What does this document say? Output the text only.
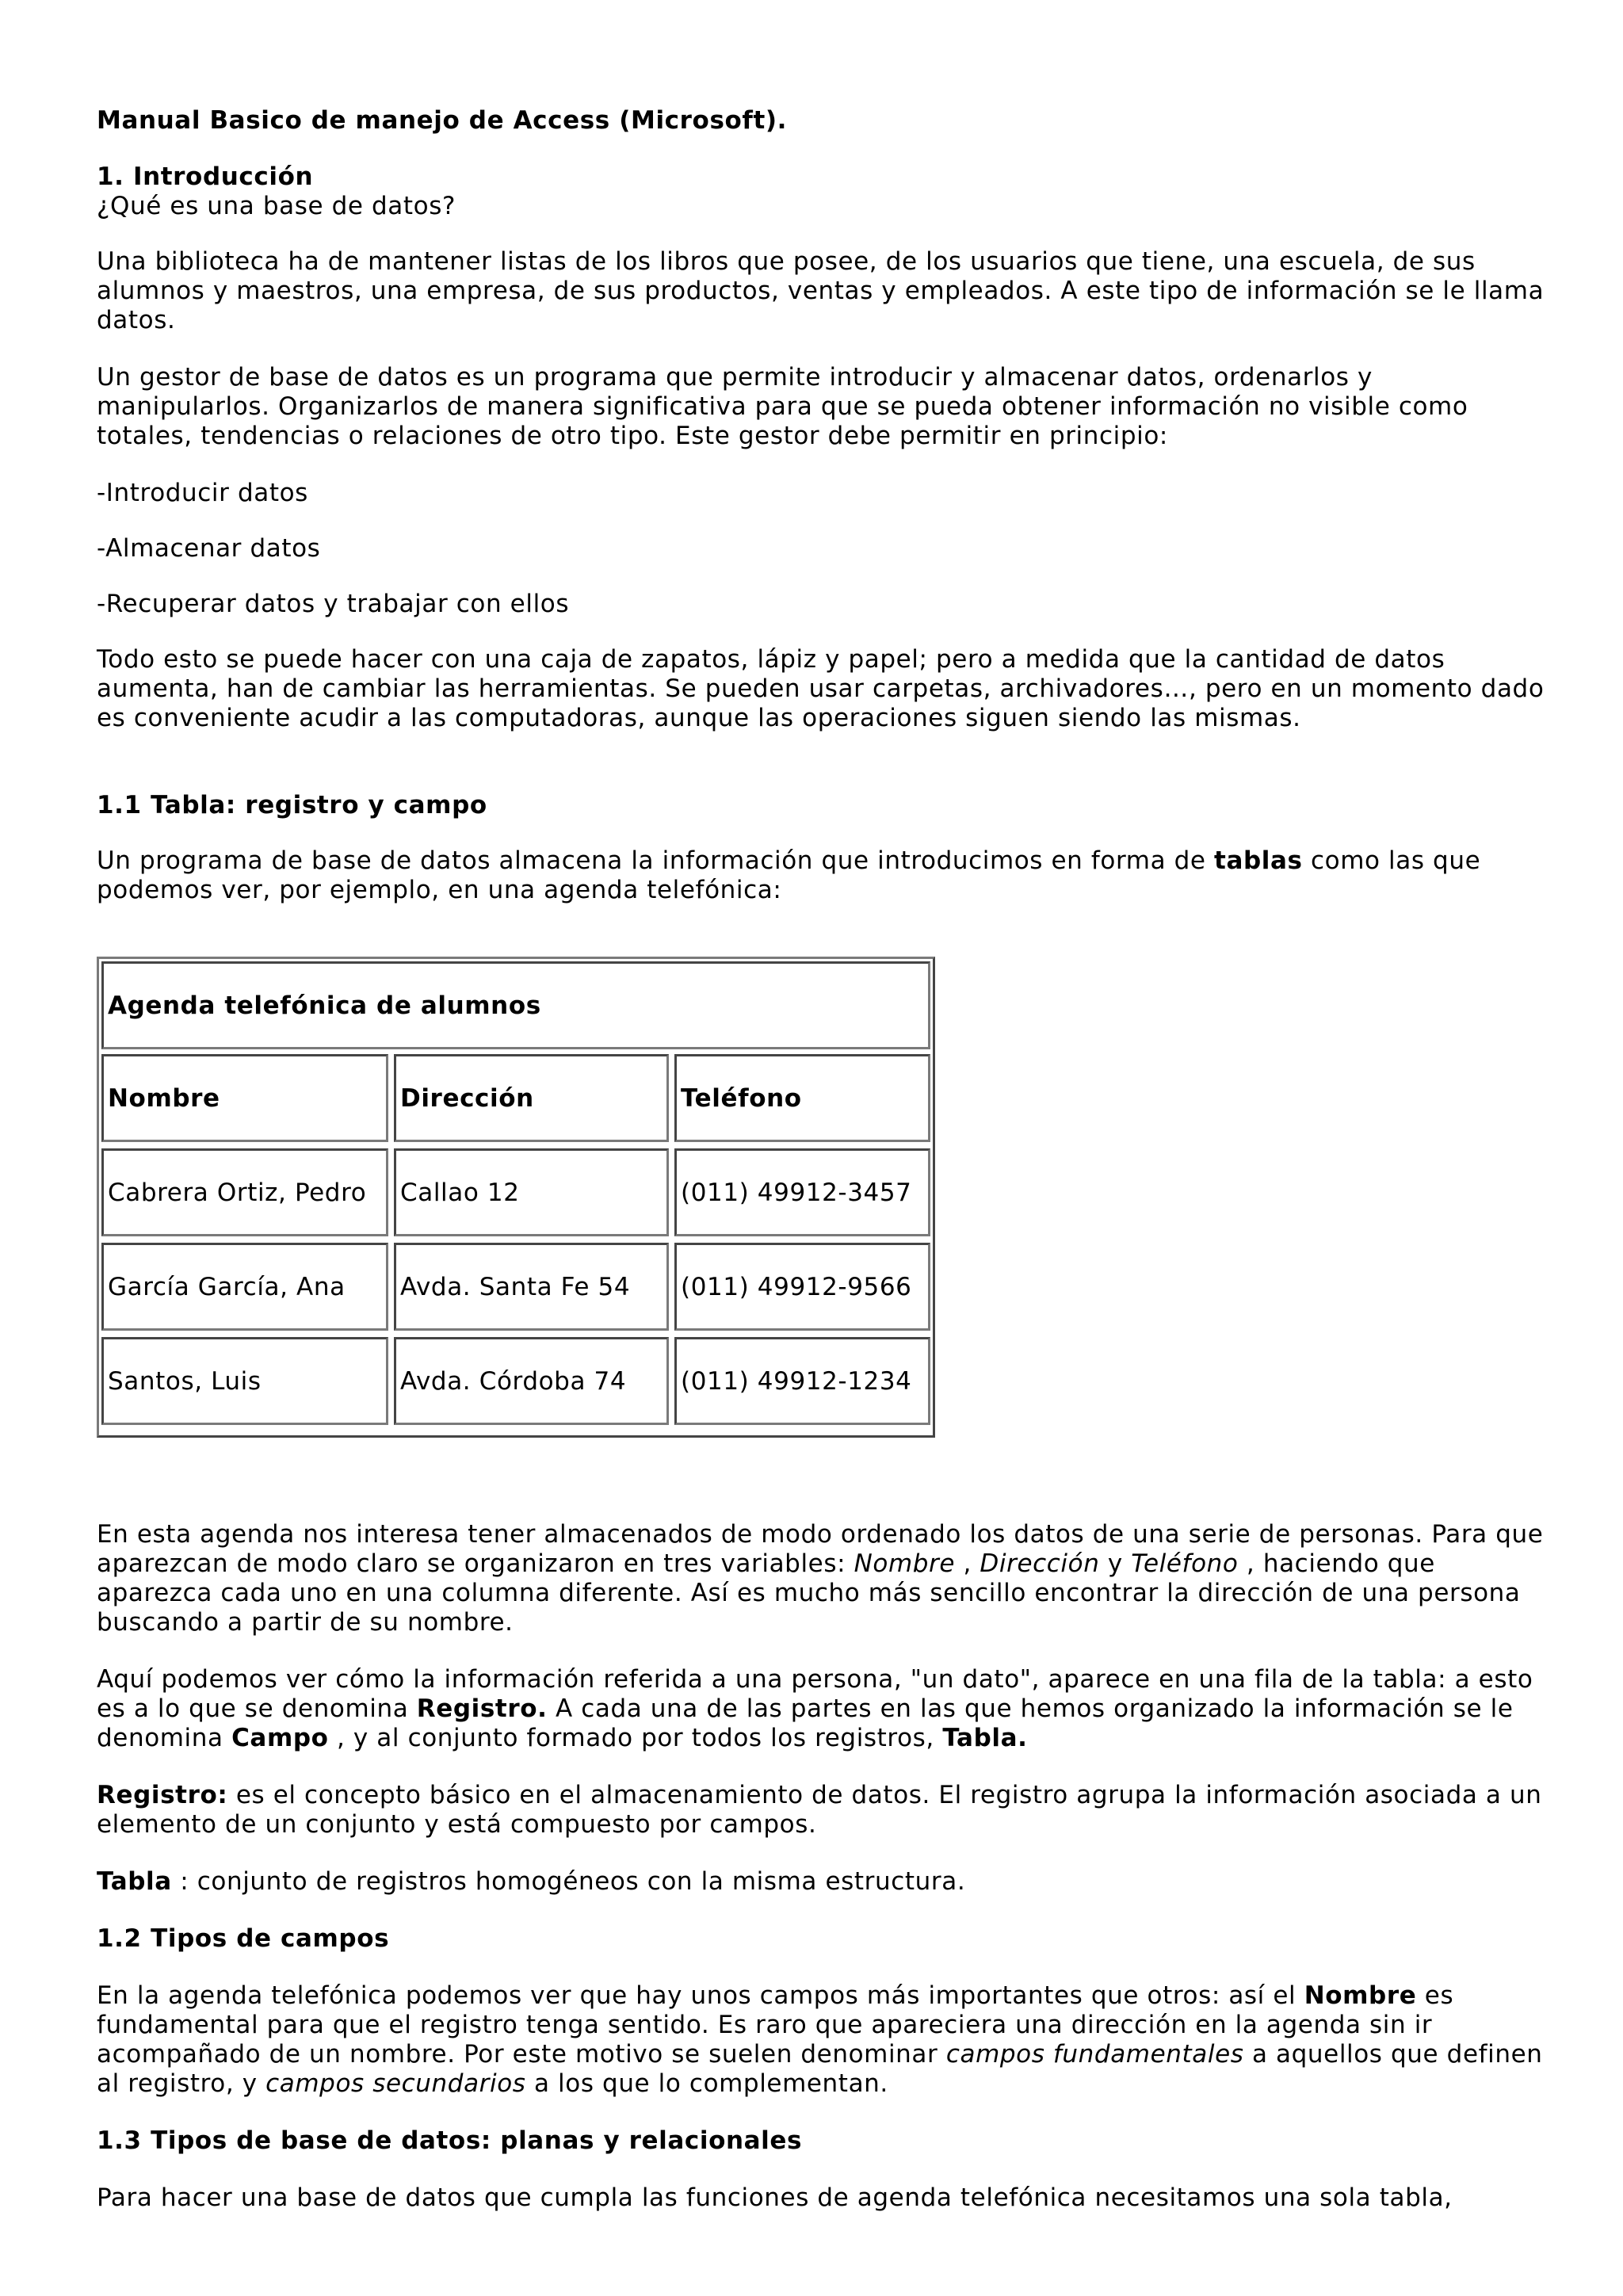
Manual Basico de manejo de Access (Microsoft).

1. Introducción

¿Qué es una base de datos?

Una biblioteca ha de mantener listas de los libros que posee, de los usuarios que tiene, una escuela, de sus alumnos y maestros, una empresa, de sus productos, ventas y empleados. A este tipo de información se le llama datos.

Un gestor de base de datos es un programa que permite introducir y almacenar datos, ordenarlos y manipularlos. Organizarlos de manera significativa para que se pueda obtener información no visible como totales, tendencias o relaciones de otro tipo. Este gestor debe permitir en principio:

-Introducir datos

-Almacenar datos

-Recuperar datos y trabajar con ellos

Todo esto se puede hacer con una caja de zapatos, lápiz y papel; pero a medida que la cantidad de datos aumenta, han de cambiar las herramientas. Se pueden usar carpetas, archivadores…, pero en un momento dado es conveniente acudir a las computadoras, aunque las operaciones siguen siendo las mismas.

1.1 Tabla: registro y campo

Un programa de base de datos almacena la información que introducimos en forma de tablas como las que podemos ver, por ejemplo, en una agenda telefónica:

Agenda telefónica de alumnos
Nombre	Dirección	Teléfono
Cabrera Ortiz, Pedro	Callao 12	(011) 49912-3457
García García, Ana	Avda. Santa Fe 54	(011) 49912-9566
Santos, Luis	Avda. Córdoba 74	(011) 49912-1234

En esta agenda nos interesa tener almacenados de modo ordenado los datos de una serie de personas. Para que aparezcan de modo claro se organizaron en tres variables: Nombre , Dirección y Teléfono , haciendo que aparezca cada uno en una columna diferente. Así es mucho más sencillo encontrar la dirección de una persona buscando a partir de su nombre.

Aquí podemos ver cómo la información referida a una persona, "un dato", aparece en una fila de la tabla: a esto es a lo que se denomina Registro. A cada una de las partes en las que hemos organizado la información se le denomina Campo , y al conjunto formado por todos los registros, Tabla.

Registro: es el concepto básico en el almacenamiento de datos. El registro agrupa la información asociada a un elemento de un conjunto y está compuesto por campos.

Tabla : conjunto de registros homogéneos con la misma estructura.

1.2 Tipos de campos

En la agenda telefónica podemos ver que hay unos campos más importantes que otros: así el Nombre es fundamental para que el registro tenga sentido. Es raro que apareciera una dirección en la agenda sin ir acompañado de un nombre. Por este motivo se suelen denominar campos fundamentales a aquellos que definen al registro, y campos secundarios a los que lo complementan.

1.3 Tipos de base de datos: planas y relacionales

Para hacer una base de datos que cumpla las funciones de agenda telefónica necesitamos una sola tabla,
